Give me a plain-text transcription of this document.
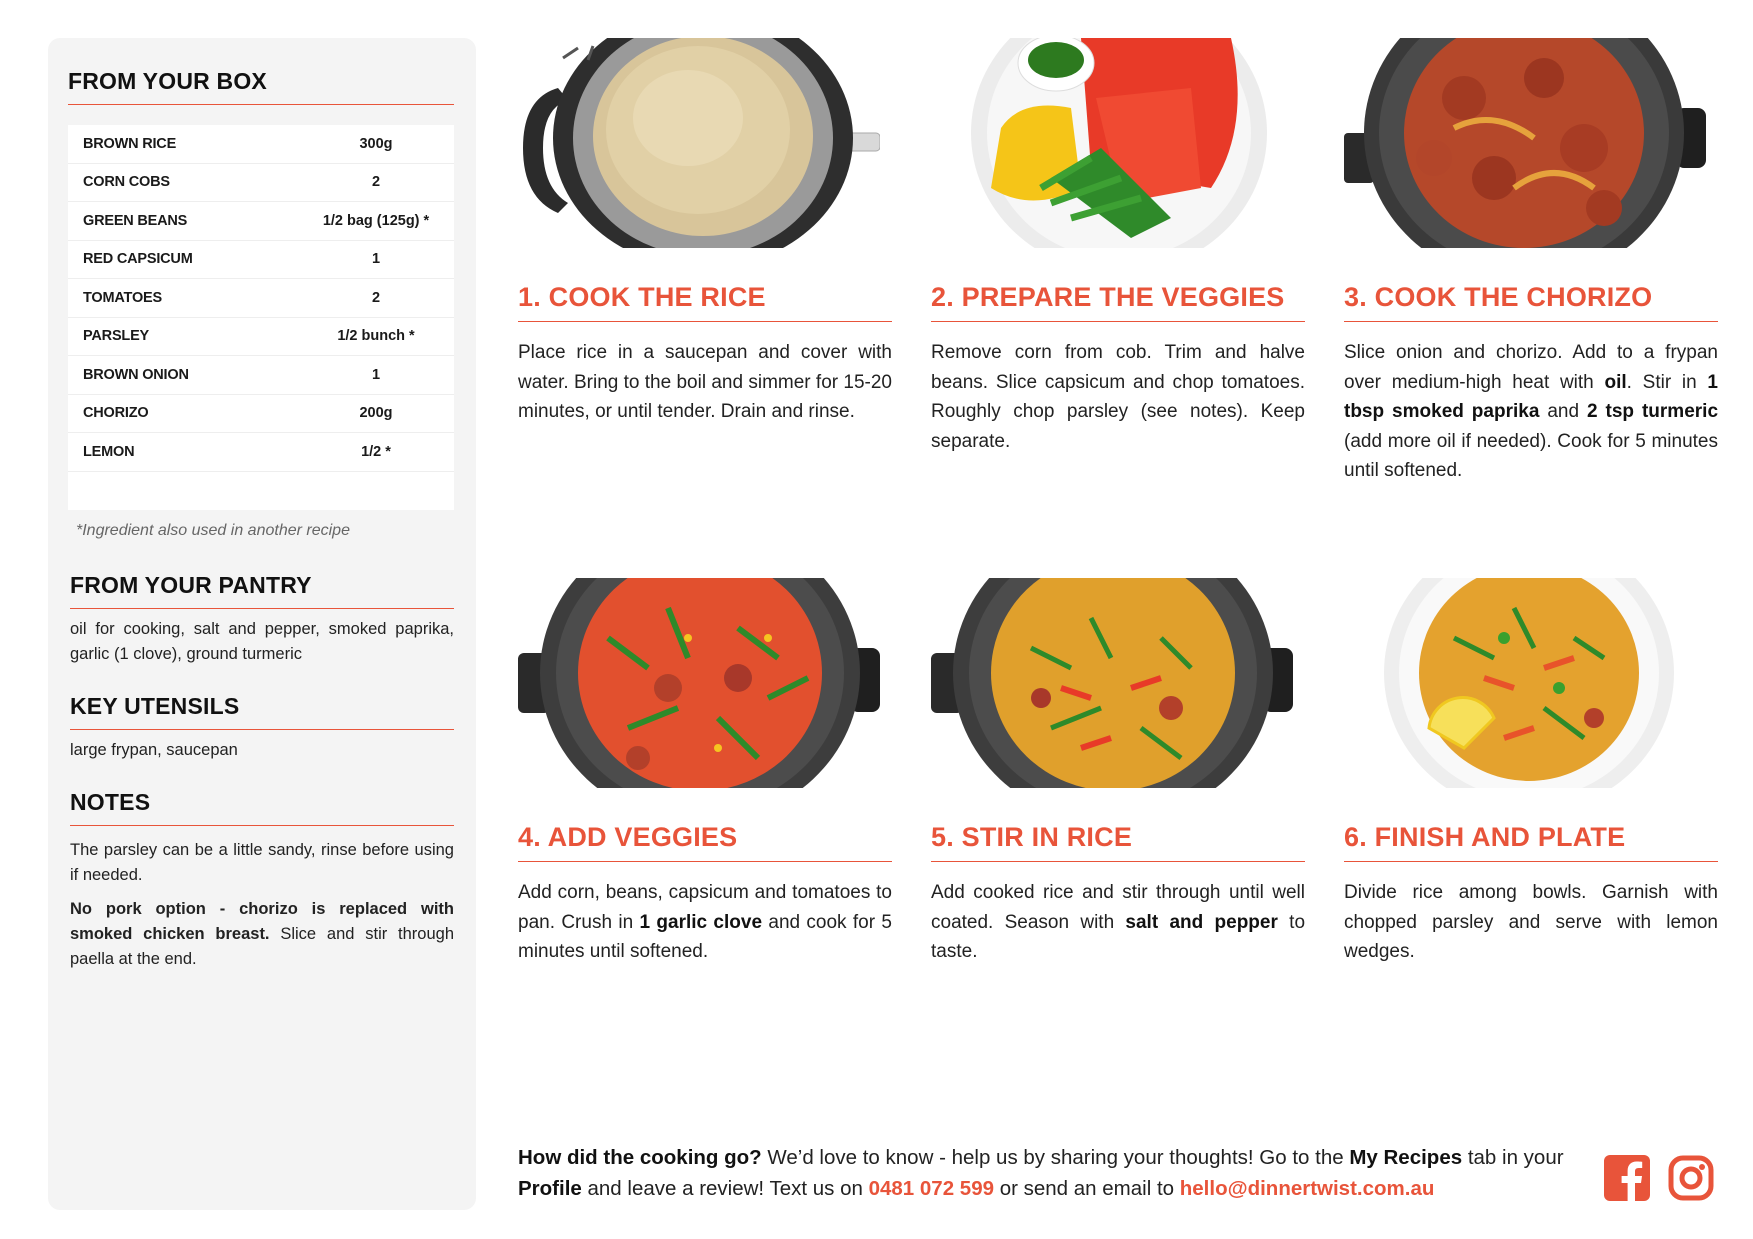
FROM YOUR BOX
BROWN RICE	300g
CORN COBS	2
GREEN BEANS	1/2 bag (125g) *
RED CAPSICUM	1
TOMATOES	2
PARSLEY	1/2 bunch *
BROWN ONION	1
CHORIZO	200g
LEMON	1/2 *
*Ingredient also used in another recipe
FROM YOUR PANTRY

oil for cooking, salt and pepper, smoked paprika, garlic (1 clove), ground turmeric

KEY UTENSILS

large frypan, saucepan

NOTES

The parsley can be a little sandy, rinse before using if needed.

No pork option - chorizo is replaced with smoked chicken breast. Slice and stir through paella at the end.

1. COOK THE RICE

Place rice in a saucepan and cover with water. Bring to the boil and simmer for 15-20 minutes, or until tender. Drain and rinse.

2. PREPARE THE VEGGIES

Remove corn from cob. Trim and halve beans. Slice capsicum and chop tomatoes. Roughly chop parsley (see notes). Keep separate.

3. COOK THE CHORIZO

Slice onion and chorizo. Add to a frypan over medium-high heat with oil. Stir in 1 tbsp smoked paprika and 2 tsp turmeric (add more oil if needed). Cook for 5 minutes until softened.

4. ADD VEGGIES

Add corn, beans, capsicum and tomatoes to pan. Crush in 1 garlic clove and cook for 5 minutes until softened.

5. STIR IN RICE

Add cooked rice and stir through until well coated. Season with salt and pepper to taste.

6. FINISH AND PLATE

Divide rice among bowls. Garnish with chopped parsley and serve with lemon wedges.

How did the cooking go? We’d love to know - help us by sharing your thoughts! Go to the My Recipes tab in your Profile and leave a review! Text us on 0481 072 599 or send an email to hello@dinnertwist.com.au
